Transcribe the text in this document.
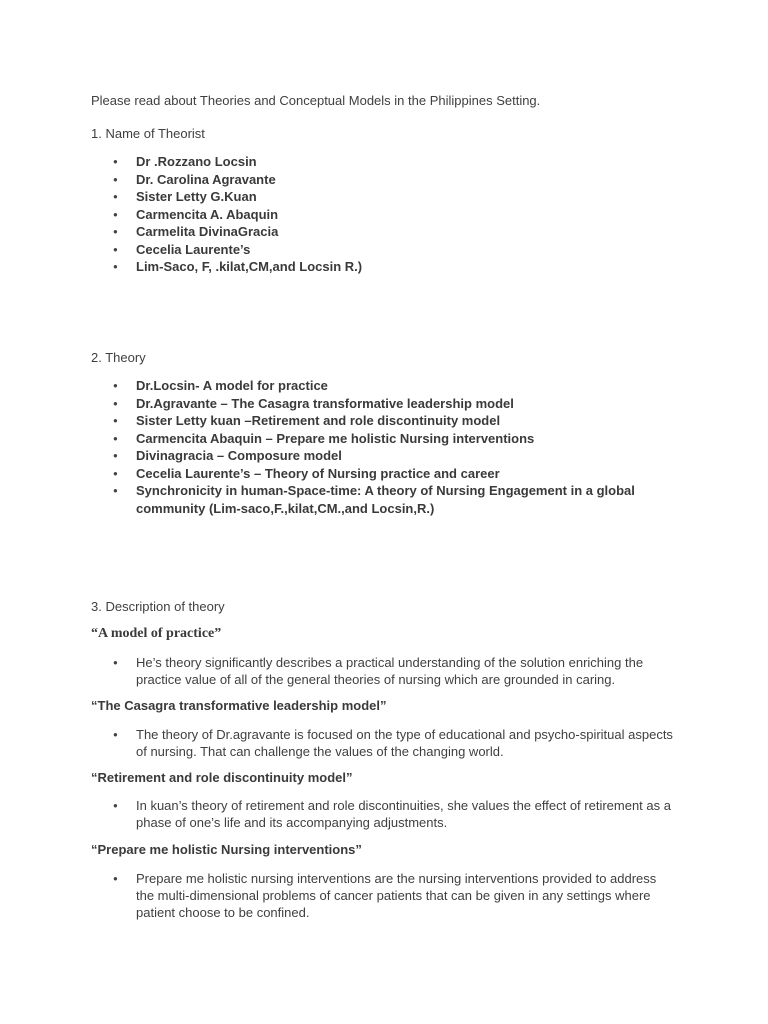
Please read about Theories and Conceptual Models in the Philippines Setting.

1. Name of Theorist

● Dr .Rozzano Locsin
● Dr. Carolina Agravante
● Sister Letty G.Kuan
● Carmencita A. Abaquin
● Carmelita DivinaGracia
● Cecelia Laurente’s
● Lim-Saco, F, .kilat,CM,and Locsin R.)

2. Theory

● Dr.Locsin- A model for practice
● Dr.Agravante – The Casagra transformative leadership model
● Sister Letty kuan –Retirement and role discontinuity model
● Carmencita Abaquin – Prepare me holistic Nursing interventions
● Divinagracia – Composure model
● Cecelia Laurente’s – Theory of Nursing practice and career
● Synchronicity in human-Space-time: A theory of Nursing Engagement in a global community (Lim-saco,F.,kilat,CM.,and Locsin,R.)

3. Description of theory

“A model of practice”

● He’s theory significantly describes a practical understanding of the solution enriching the practice value of all of the general theories of nursing which are grounded in caring.

“The Casagra transformative leadership model”

● The theory of Dr.agravante is focused on the type of educational and psycho-spiritual aspects of nursing. That can challenge the values of the changing world.

“Retirement and role discontinuity model”

● In kuan’s theory of retirement and role discontinuities, she values the effect of retirement as a phase of one’s life and its accompanying adjustments.

“Prepare me holistic Nursing interventions”

● Prepare me holistic nursing interventions are the nursing interventions provided to address the multi-dimensional problems of cancer patients that can be given in any settings where patient choose to be confined.
